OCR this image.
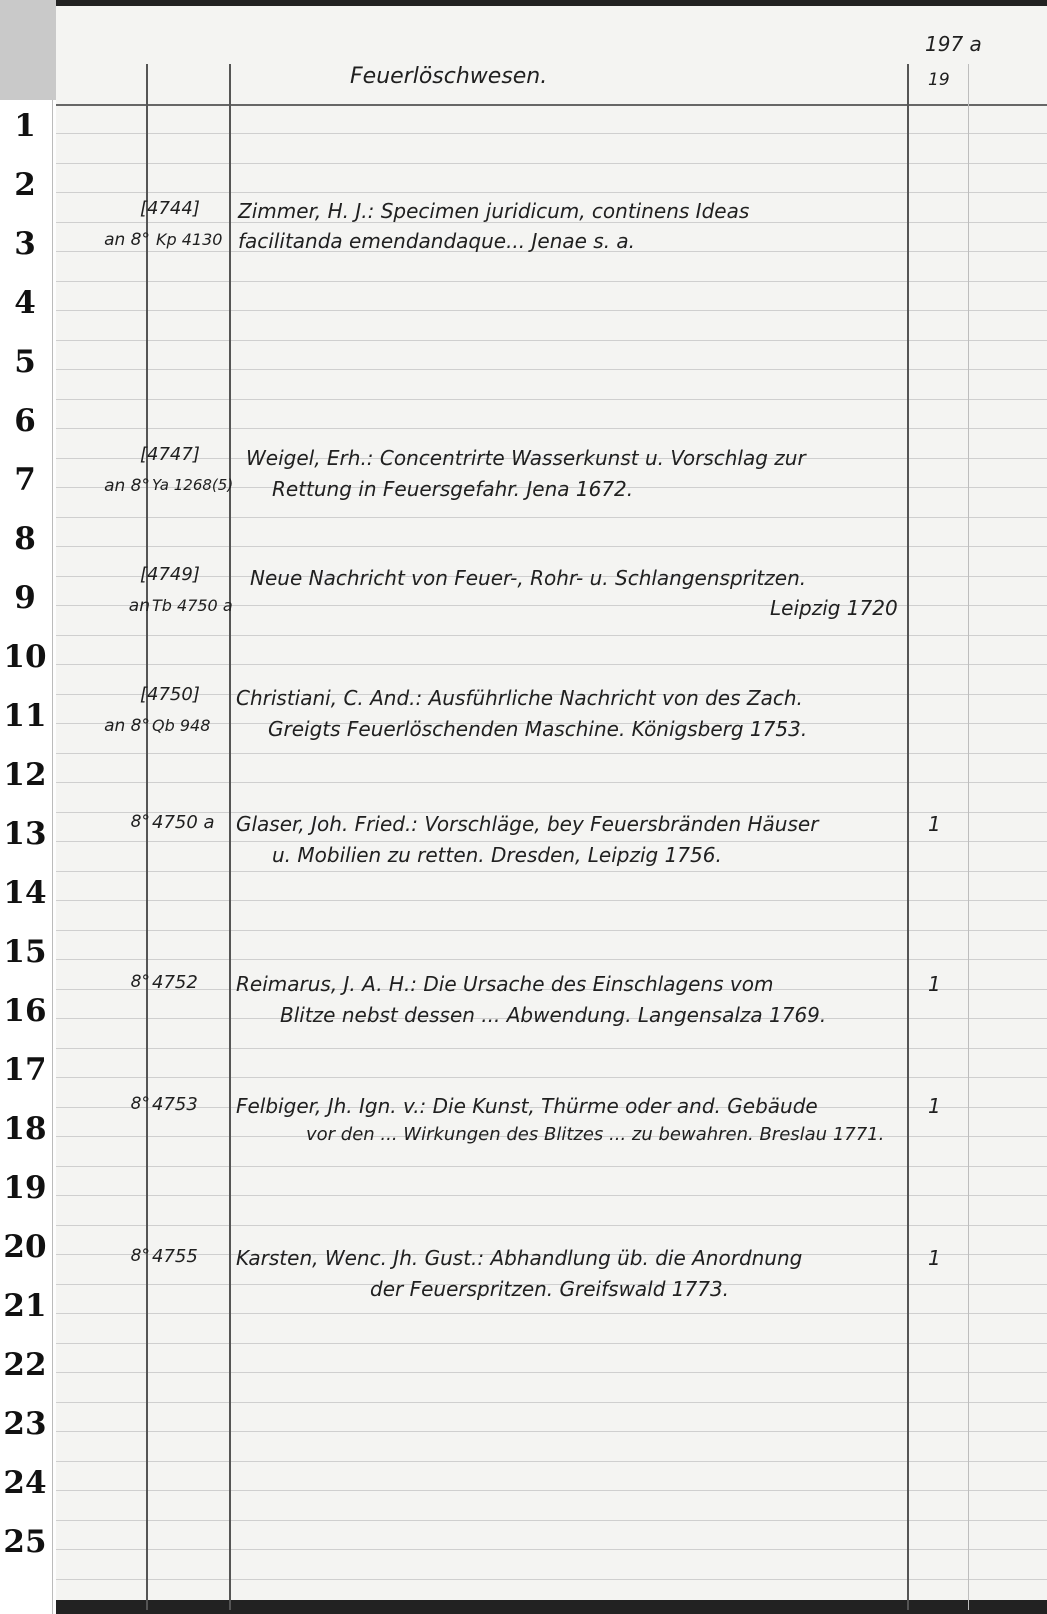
1
2
3
4
5
6
7
8
9
10
11
12
13
14
15
16
17
18
19
20
21
22
23
24
25
Feuerlöschwesen.
197 a
19
[4744]
an 8° Kp 4130
Zimmer, H. J.: Specimen juridicum, continens Ideas
facilitanda emendandaque... Jenae s. a.
[4747]
an 8° Ya 1268(5)
Weigel, Erh.: Concentrirte Wasserkunst u. Vorschlag zur
Rettung in Feuersgefahr. Jena 1672.
[4749]
an Tb 4750 a
Neue Nachricht von Feuer-, Rohr- u. Schlangenspritzen.
Leipzig 1720
[4750]
an 8° Qb 948
Christiani, C. And.: Ausführliche Nachricht von des Zach.
Greigts Feuerlöschenden Maschine. Königsberg 1753.
8° 4750 a Glaser, Joh. Fried.: Vorschläge, bey Feuersbränden Häuser
u. Mobilien zu retten. Dresden, Leipzig 1756.
1
8° 4752 Reimarus, J. A. H.: Die Ursache des Einschlagens vom
Blitze nebst dessen ... Abwendung. Langensalza 1769.
1
8° 4753 Felbiger, Jh. Ign. v.: Die Kunst, Thürme oder and. Gebäude
vor den ... Wirkungen des Blitzes ... zu bewahren. Breslau 1771.
1
8° 4755 Karsten, Wenc. Jh. Gust.: Abhandlung üb. die Anordnung
der Feuerspritzen. Greifswald 1773.
1
